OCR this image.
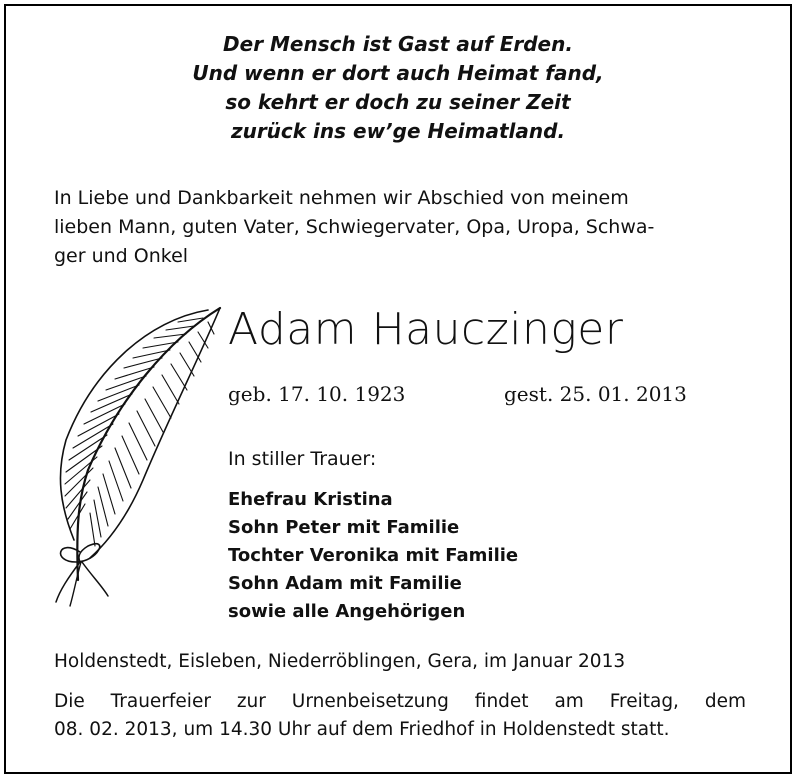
Der Mensch ist Gast auf Erden.
Und wenn er dort auch Heimat fand,
so kehrt er doch zu seiner Zeit
zurück ins ew’ge Heimatland.
In Liebe und Dankbarkeit nehmen wir Abschied von meinem
lieben Mann, guten Vater, Schwiegervater, Opa, Uropa, Schwa-
ger und Onkel
Adam Hauczinger
geb. 17. 10. 1923	gest. 25. 01. 2013
In stiller Trauer:
Ehefrau Kristina
Sohn Peter mit Familie
Tochter Veronika mit Familie
Sohn Adam mit Familie
sowie alle Angehörigen
Holdenstedt, Eisleben, Niederröblingen, Gera, im Januar 2013
Die Trauerfeier zur Urnenbeisetzung findet am Freitag, dem
08. 02. 2013, um 14.30 Uhr auf dem Friedhof in Holdenstedt statt.
